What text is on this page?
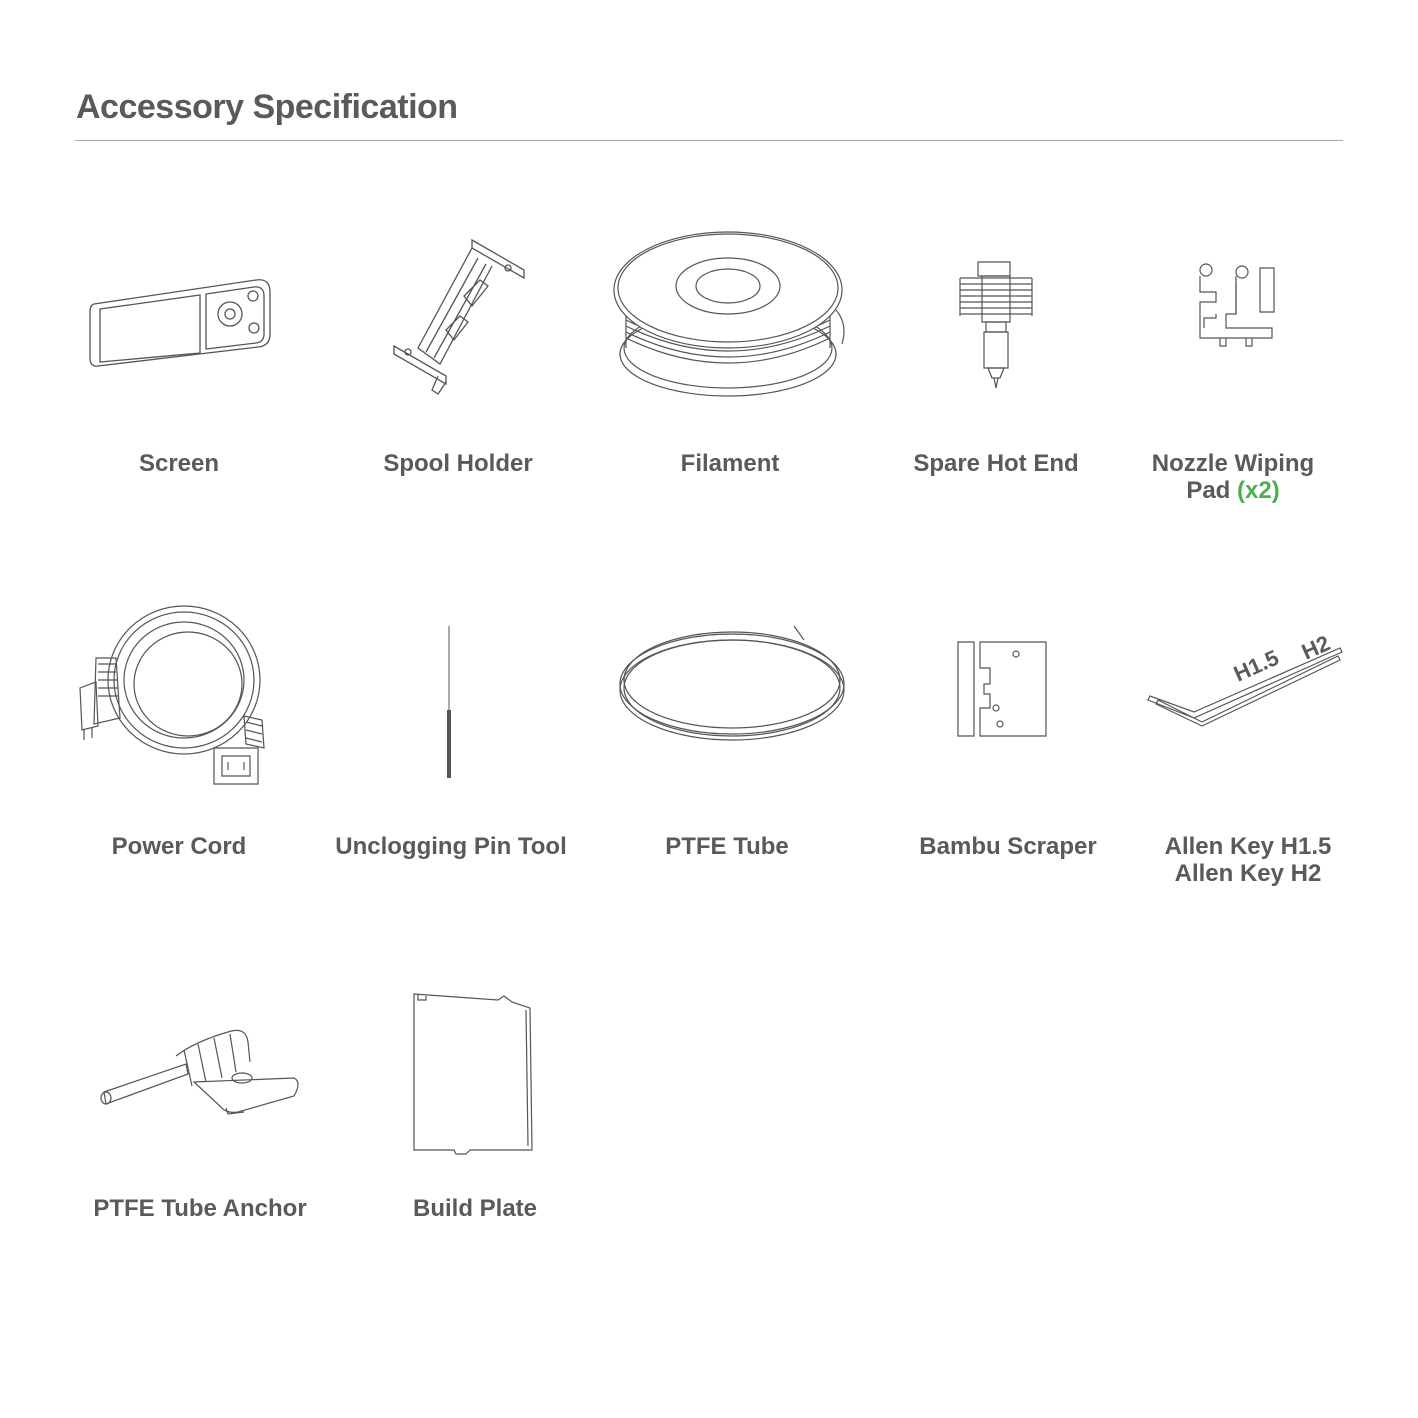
Accessory Specification
Screen	Spool Holder	Filament	Spare Hot End	Nozzle Wiping
Pad (x2)
Power Cord	Unclogging Pin Tool	PTFE Tube	Bambu Scraper
H1.5 H2
Allen Key H1.5
Allen Key H2
PTFE Tube Anchor	Build Plate
